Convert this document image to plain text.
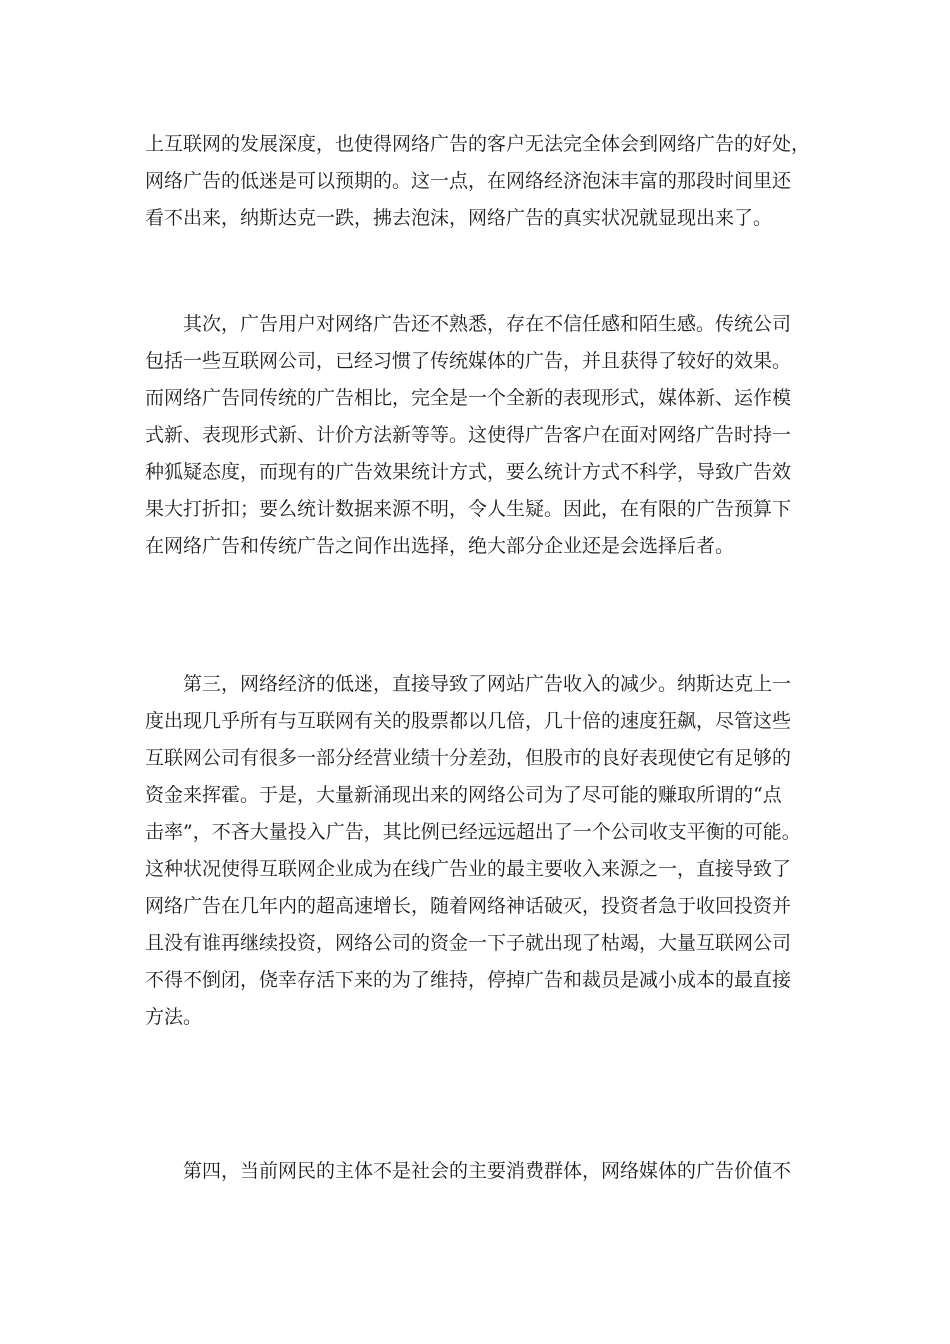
上互联网的发展深度，也使得网络广告的客户无法完全体会到网络广告的好处，
网络广告的低迷是可以预期的。这一点，在网络经济泡沫丰富的那段时间里还
看不出来，纳斯达克一跌，拂去泡沫，网络广告的真实状况就显现出来了。
其次，广告用户对网络广告还不熟悉，存在不信任感和陌生感。传统公司
包括一些互联网公司，已经习惯了传统媒体的广告，并且获得了较好的效果。
而网络广告同传统的广告相比，完全是一个全新的表现形式，媒体新、运作模
式新、表现形式新、计价方法新等等。这使得广告客户在面对网络广告时持一
种狐疑态度，而现有的广告效果统计方式，要么统计方式不科学，导致广告效
果大打折扣；要么统计数据来源不明，令人生疑。因此，在有限的广告预算下
在网络广告和传统广告之间作出选择，绝大部分企业还是会选择后者。
第三，网络经济的低迷，直接导致了网站广告收入的减少。纳斯达克上一
度出现几乎所有与互联网有关的股票都以几倍，几十倍的速度狂飙，尽管这些
互联网公司有很多一部分经营业绩十分差劲，但股市的良好表现使它有足够的
资金来挥霍。于是，大量新涌现出来的网络公司为了尽可能的赚取所谓的“点
击率”，不吝大量投入广告，其比例已经远远超出了一个公司收支平衡的可能。
这种状况使得互联网企业成为在线广告业的最主要收入来源之一，直接导致了
网络广告在几年内的超高速增长，随着网络神话破灭，投资者急于收回投资并
且没有谁再继续投资，网络公司的资金一下子就出现了枯竭，大量互联网公司
不得不倒闭，侥幸存活下来的为了维持，停掉广告和裁员是减小成本的最直接
方法。
第四，当前网民的主体不是社会的主要消费群体，网络媒体的广告价值不
